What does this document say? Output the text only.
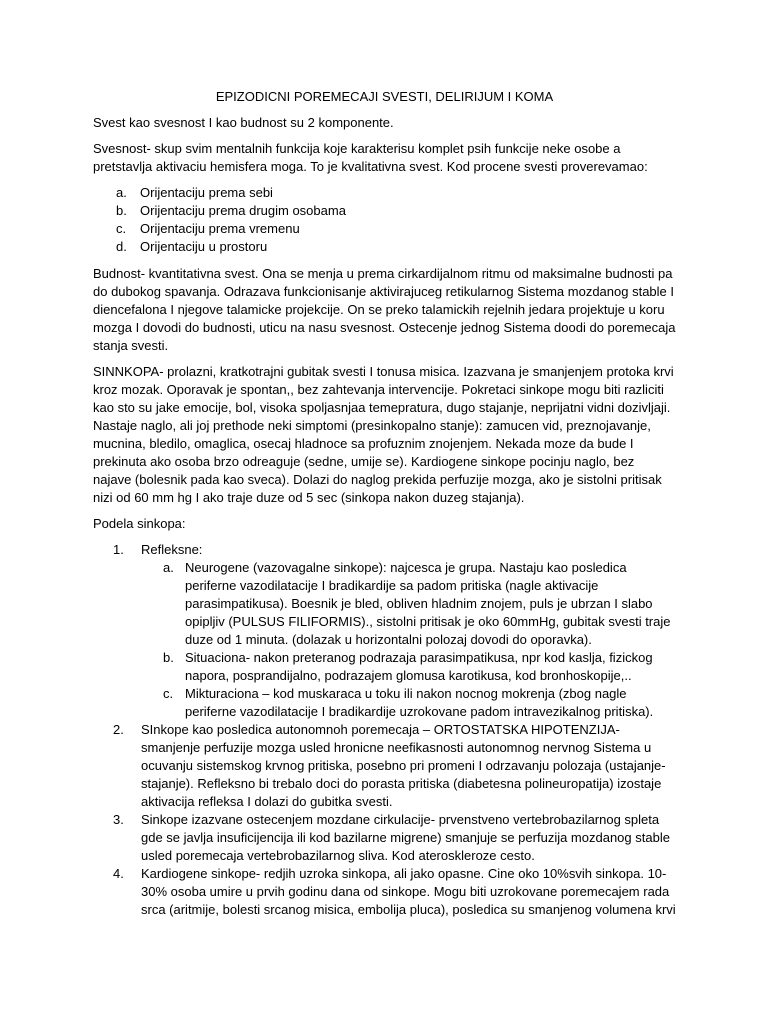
EPIZODICNI POREMECAJI SVESTI, DELIRIJUM I KOMA

Svest kao svesnost I kao budnost su 2 komponente.

Svesnost- skup svim mentalnih funkcija koje karakterisu komplet psih funkcije neke osobe a pretstavlja aktivaciu hemisfera moga. To je kvalitativna svest. Kod procene svesti proverevamao:

a.	Orijentaciju prema sebi
b.	Orijentaciju prema drugim osobama
c.	Orijentaciju prema vremenu
d.	Orijentaciju u prostoru

Budnost- kvantitativna svest. Ona se menja u prema cirkardijalnom ritmu od maksimalne budnosti pa do dubokog spavanja. Odrazava funkcionisanje aktivirajuceg retikularnog Sistema mozdanog stable I diencefalona I njegove talamicke projekcije. On se preko talamickih rejelnih jedara projektuje u koru mozga I dovodi do budnosti, uticu na nasu svesnost. Ostecenje jednog Sistema doodi do poremecaja stanja svesti.

SINNKOPA- prolazni, kratkotrajni gubitak svesti I tonusa misica. Izazvana je smanjenjem protoka krvi kroz mozak. Oporavak je spontan,, bez zahtevanja intervencije. Pokretaci sinkope mogu biti razliciti kao sto su jake emocije, bol, visoka spoljasnjaa temepratura, dugo stajanje, neprijatni vidni dozivljaji. Nastaje naglo, ali joj prethode neki simptomi (presinkopalno stanje): zamucen vid, preznojavanje, mucnina, bledilo, omaglica, osecaj hladnoce sa profuznim znojenjem. Nekada moze da bude I prekinuta ako osoba brzo odreaguje (sedne, umije se). Kardiogene sinkope pocinju naglo, bez najave (bolesnik pada kao sveca). Dolazi do naglog prekida perfuzije mozga, ako je sistolni pritisak nizi od 60 mm hg I ako traje duze od 5 sec (sinkopa nakon duzeg stajanja).

Podela sinkopa:

1.	Refleksne:
a. Neurogene (vazovagalne sinkope): najcesca je grupa. Nastaju kao posledica periferne vazodilatacije I bradikardije sa padom pritiska (nagle aktivacije parasimpatikusa). Boesnik je bled, obliven hladnim znojem, puls je ubrzan I slabo opipljiv (PULSUS FILIFORMIS)., sistolni pritisak je oko 60mmHg, gubitak svesti traje duze od 1 minuta. (dolazak u horizontalni polozaj dovodi do oporavka).
b. Situaciona- nakon preteranog podrazaja parasimpatikusa, npr kod kaslja, fizickog napora, posprandijalno, podrazajem glomusa karotikusa, kod bronhoskopije,..
c. Mikturaciona – kod muskaraca u toku ili nakon nocnog mokrenja (zbog nagle periferne vazodilatacije I bradikardije uzrokovane padom intravezikalnog pritiska).
2.	SInkope kao posledica autonomnoh poremecaja – ORTOSTATSKA HIPOTENZIJA- smanjenje perfuzije mozga usled hronicne neefikasnosti autonomnog nervnog Sistema u ocuvanju sistemskog krvnog pritiska, posebno pri promeni I odrzavanju polozaja (ustajanje-stajanje). Refleksno bi trebalo doci do porasta pritiska (diabetesna polineuropatija) izostaje aktivacija refleksa I dolazi do gubitka svesti.
3.	Sinkope izazvane ostecenjem mozdane cirkulacije- prvenstveno vertebrobazilarnog spleta gde se javlja insuficijencija ili kod bazilarne migrene) smanjuje se perfuzija mozdanog stable usled poremecaja vertebrobazilarnog sliva. Kod ateroskleroze cesto.
4.	Kardiogene sinkope- redjih uzroka sinkopa, ali jako opasne. Cine oko 10%svih sinkopa. 10-30% osoba umire u prvih godinu dana od sinkope. Mogu biti uzrokovane poremecajem rada srca (aritmije, bolesti srcanog misica, embolija pluca), posledica su smanjenog volumena krvi
